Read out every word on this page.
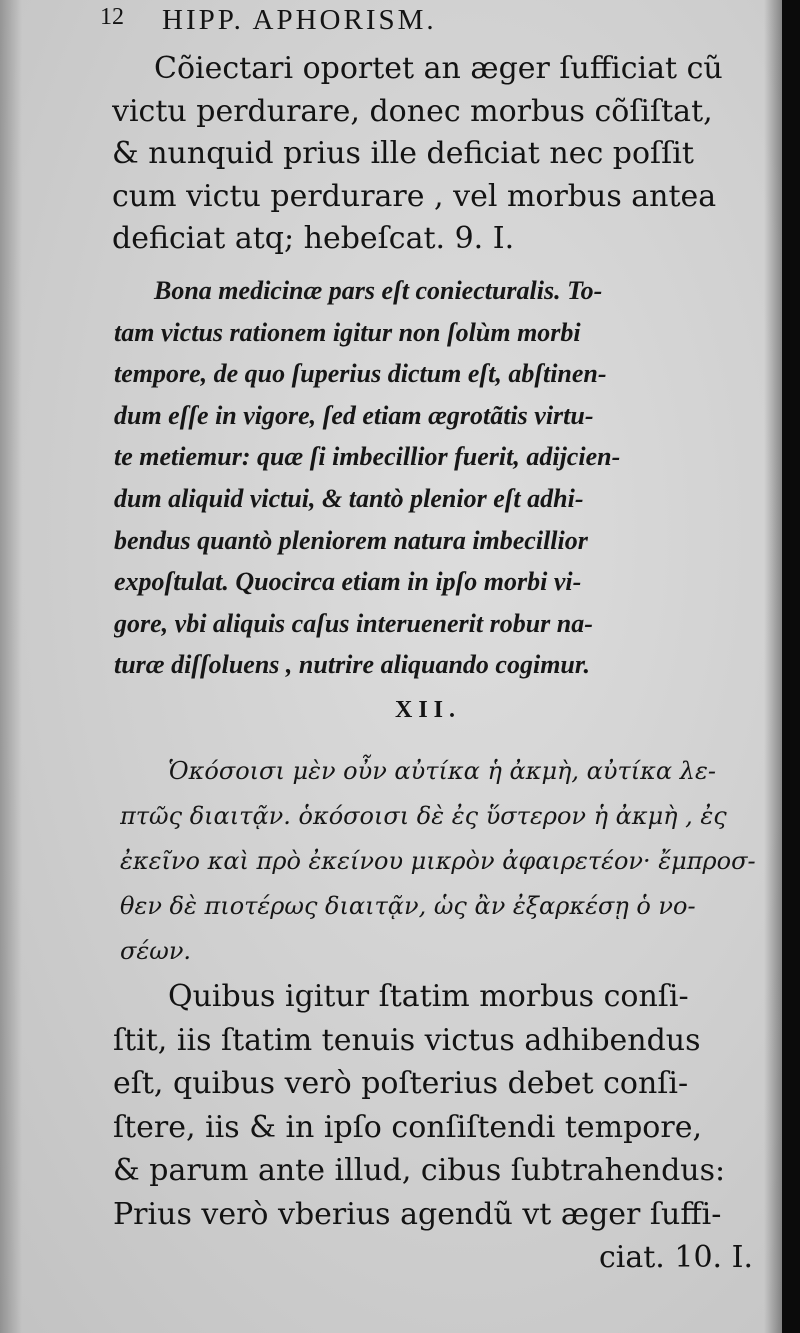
12 HIPP. APHORISM.
Cõiectari oportet an æger ſufficiat cũ
victu perdurare, donec morbus cõſiſtat,
& nunquid prius ille deficiat nec poſſit
cum victu perdurare , vel morbus antea
deficiat atq; hebeſcat. 9. I.
Bona medicinæ pars eſt coniecturalis. To-
tam victus rationem igitur non ſolùm morbi
tempore, de quo ſuperius dictum eſt, abſtinen-
dum eſſe in vigore, ſed etiam ægrotãtis virtu-
te metiemur: quæ ſi imbecillior fuerit, adijcien-
dum aliquid victui, & tantò plenior eſt adhi-
bendus quantò pleniorem natura imbecillior
expoſtulat. Quocirca etiam in ipſo morbi vi-
gore, vbi aliquis caſus interuenerit robur na-
turæ diſſoluens , nutrire aliquando cogimur.
XII.
Ὁκόσοισι μὲν οὖν αὐτίκα ἡ ἀκμὴ, αὐτίκα λε-
πτῶς διαιτᾷν. ὁκόσοισι δὲ ἐς ὕστερον ἡ ἀκμὴ , ἐς
ἐκεῖνο καὶ πρὸ ἐκείνου μικρὸν ἀφαιρετέον· ἔμπροσ-
θεν δὲ πιοτέρως διαιτᾷν, ὡς ἂν ἐξαρκέσῃ ὁ νο-
σέων.
Quibus igitur ſtatim morbus conſi-
ſtit, iis ſtatim tenuis victus adhibendus
eſt, quibus verò poſterius debet conſi-
ſtere, iis & in ipſo conſiſtendi tempore,
& parum ante illud, cibus ſubtrahendus:
Prius verò vberius agendũ vt æger ſuffi-
ciat. 10. I.
